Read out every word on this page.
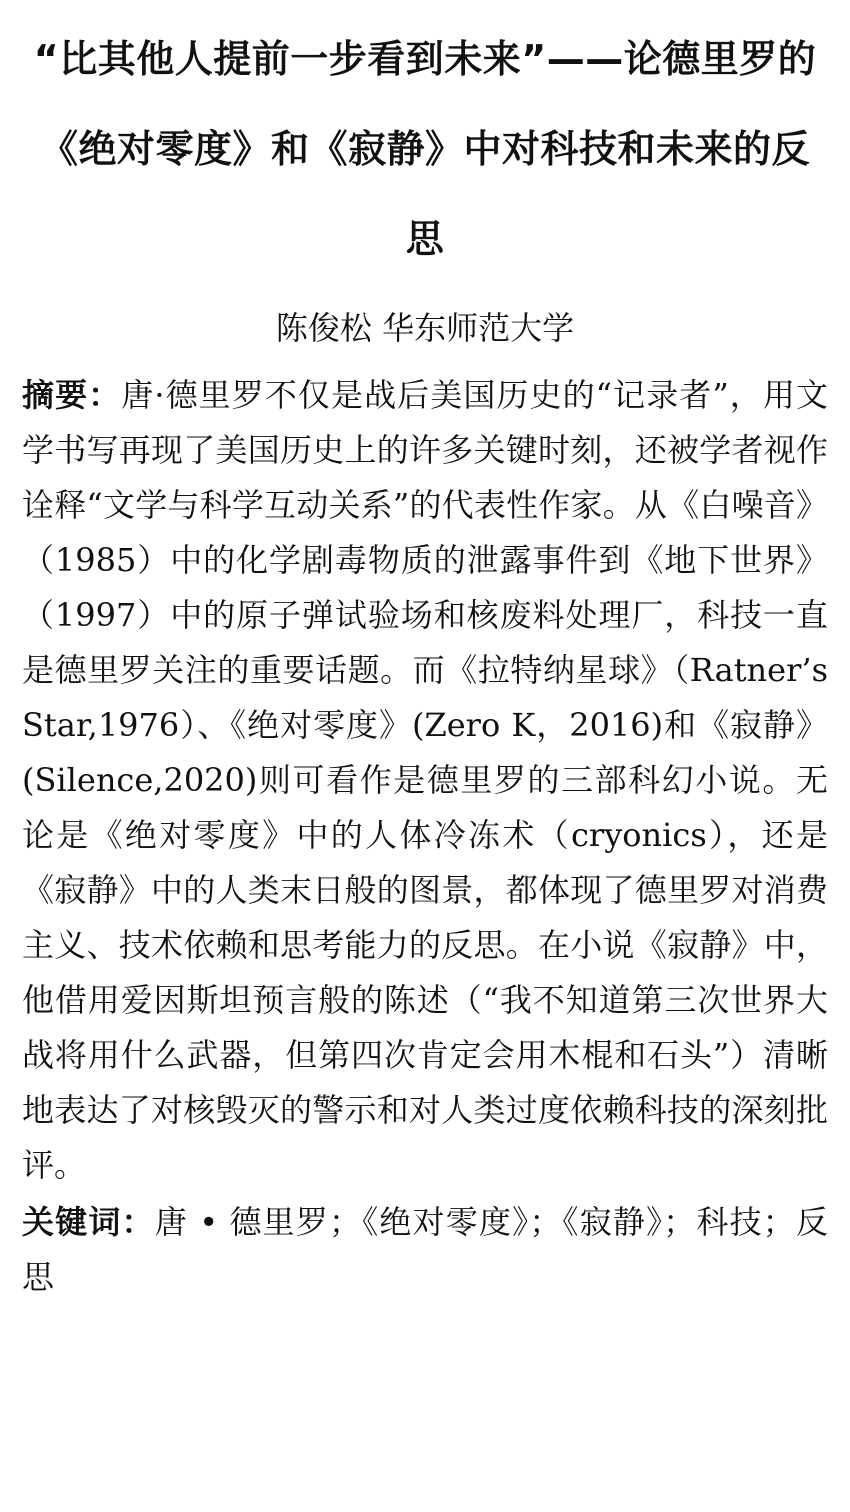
“比其他人提前一步看到未来”——论德里罗的《绝对零度》和《寂静》中对科技和未来的反思

陈俊松 华东师范大学

摘要：唐·德里罗不仅是战后美国历史的“记录者”，用文学书写再现了美国历史上的许多关键时刻，还被学者视作诠释“文学与科学互动关系”的代表性作家。从《白噪音》（1985）中的化学剧毒物质的泄露事件到《地下世界》（1997）中的原子弹试验场和核废料处理厂，科技一直是德里罗关注的重要话题。而《拉特纳星球》（Ratner’s Star,1976）、《绝对零度》(Zero K，2016)和《寂静》(Silence,2020)则可看作是德里罗的三部科幻小说。无论是《绝对零度》中的人体冷冻术（cryonics），还是《寂静》中的人类末日般的图景，都体现了德里罗对消费主义、技术依赖和思考能力的反思。在小说《寂静》中，他借用爱因斯坦预言般的陈述（“我不知道第三次世界大战将用什么武器，但第四次肯定会用木棍和石头”）清晰地表达了对核毁灭的警示和对人类过度依赖科技的深刻批评。

关键词：唐 • 德里罗；《绝对零度》；《寂静》；科技；反思
